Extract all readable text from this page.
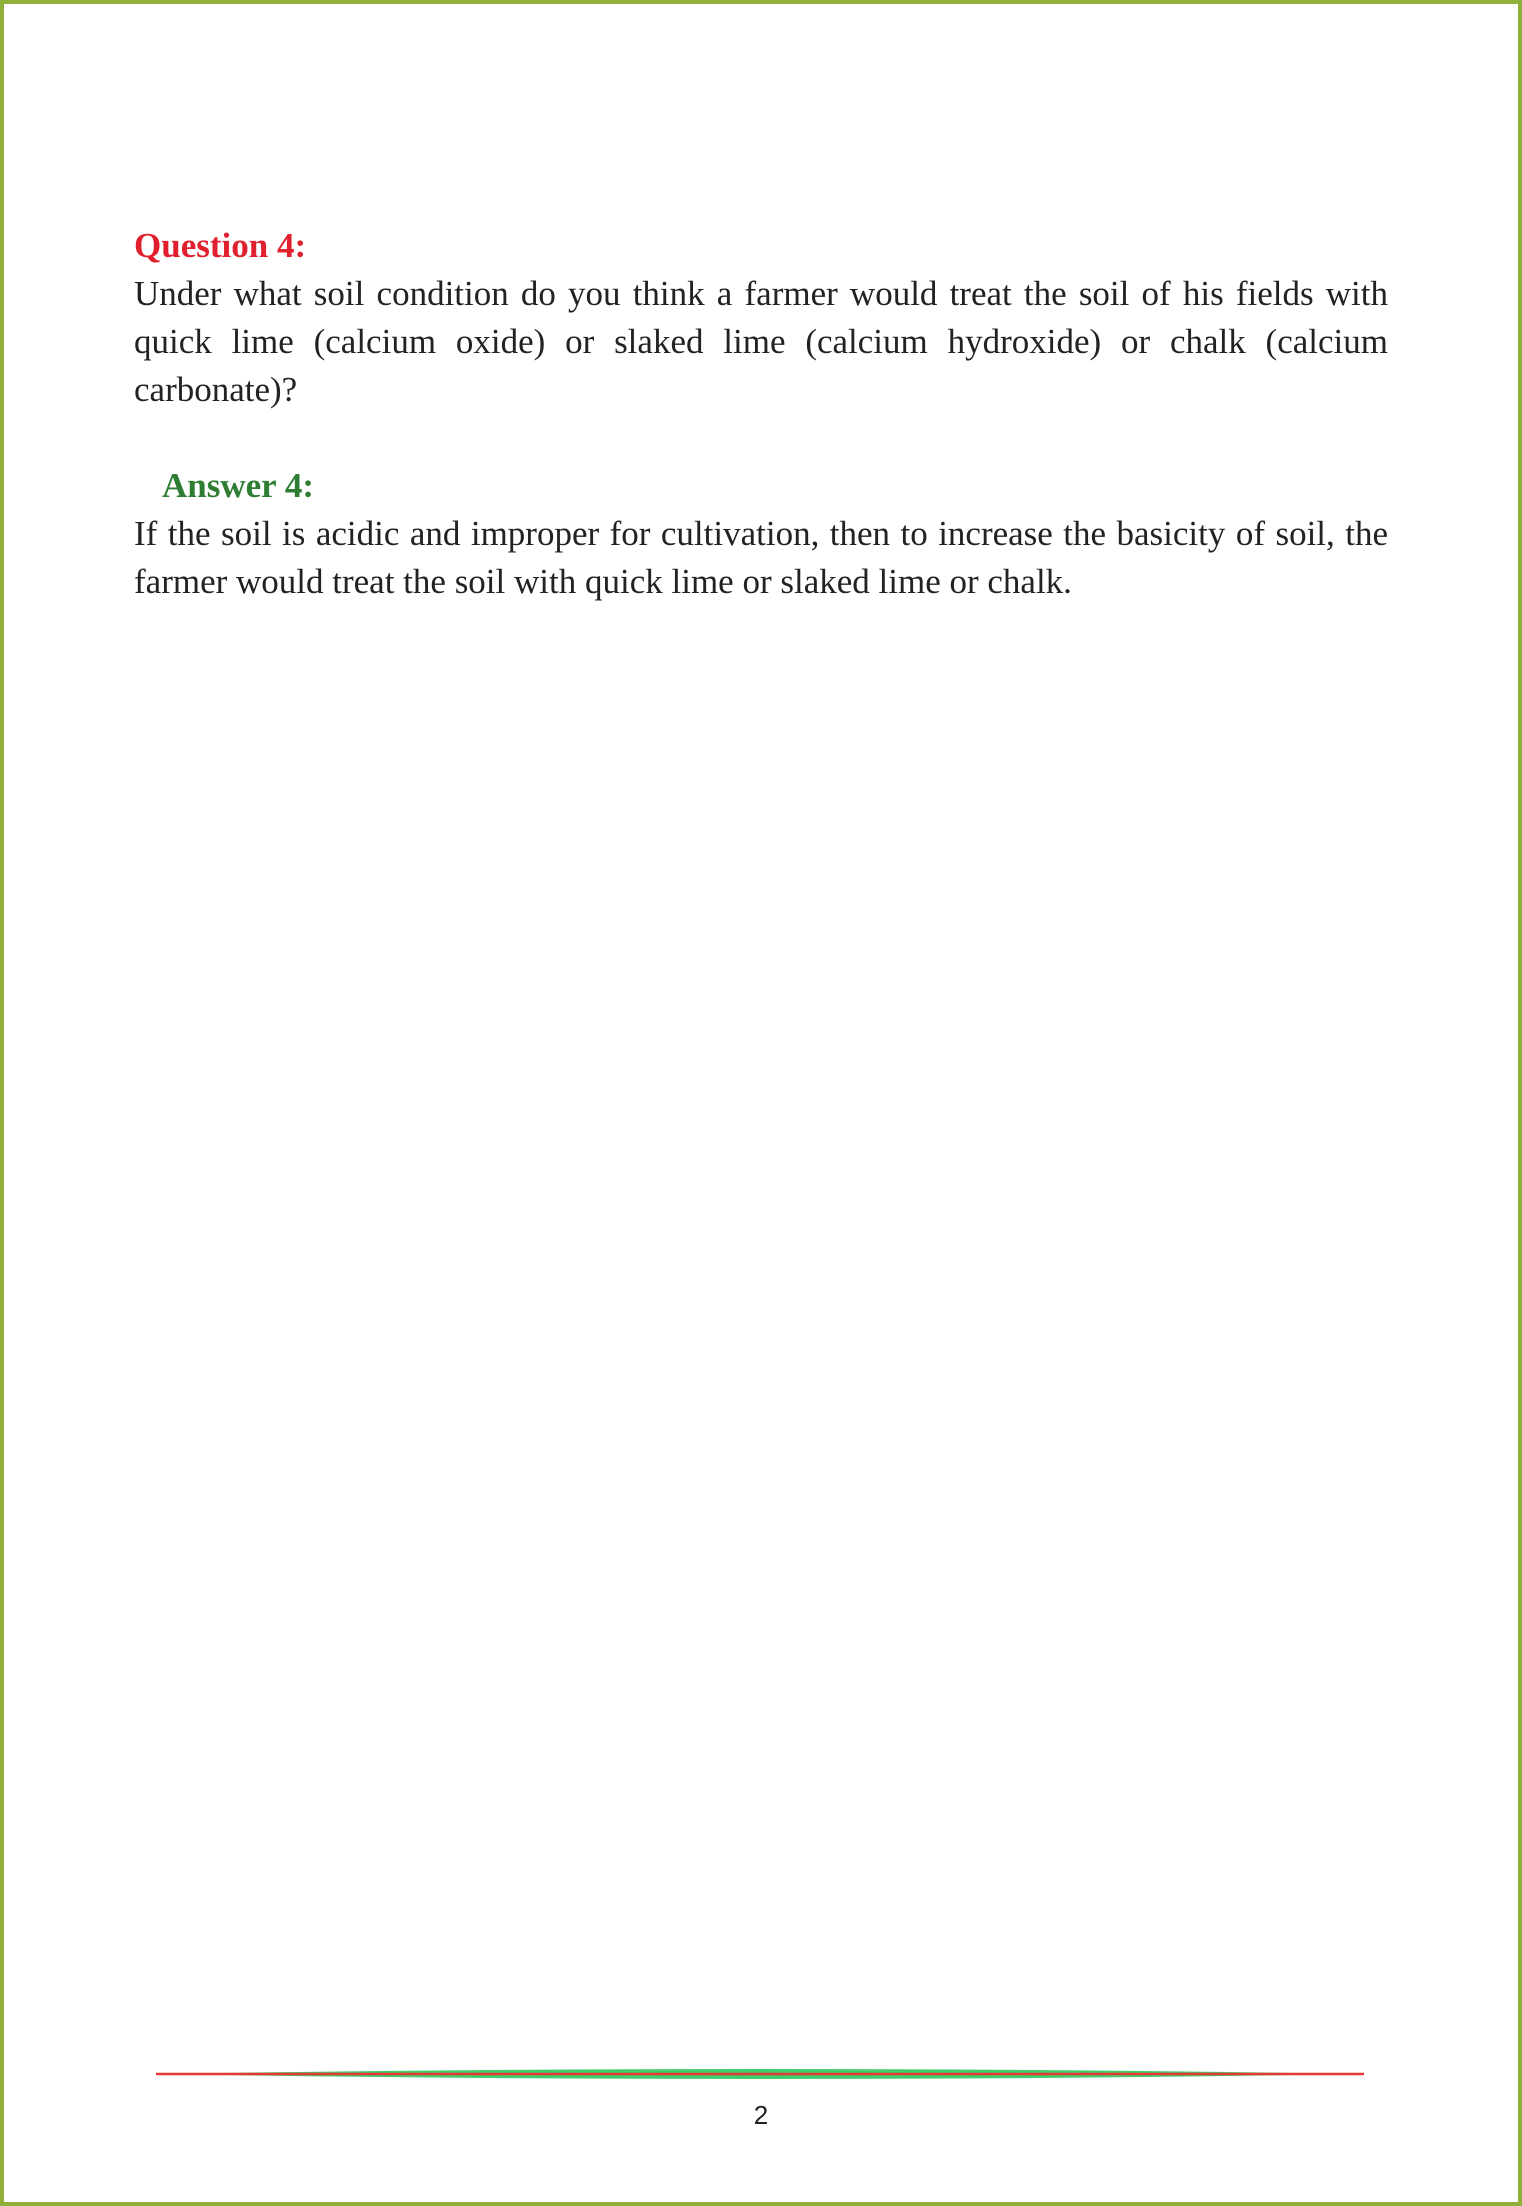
Question 4:

Under what soil condition do you think a farmer would treat the soil of his fields with quick lime (calcium oxide) or slaked lime (calcium hydroxide) or chalk (calcium carbonate)?

Answer 4:

If the soil is acidic and improper for cultivation, then to increase the basicity of soil, the farmer would treat the soil with quick lime or slaked lime or chalk.

2
